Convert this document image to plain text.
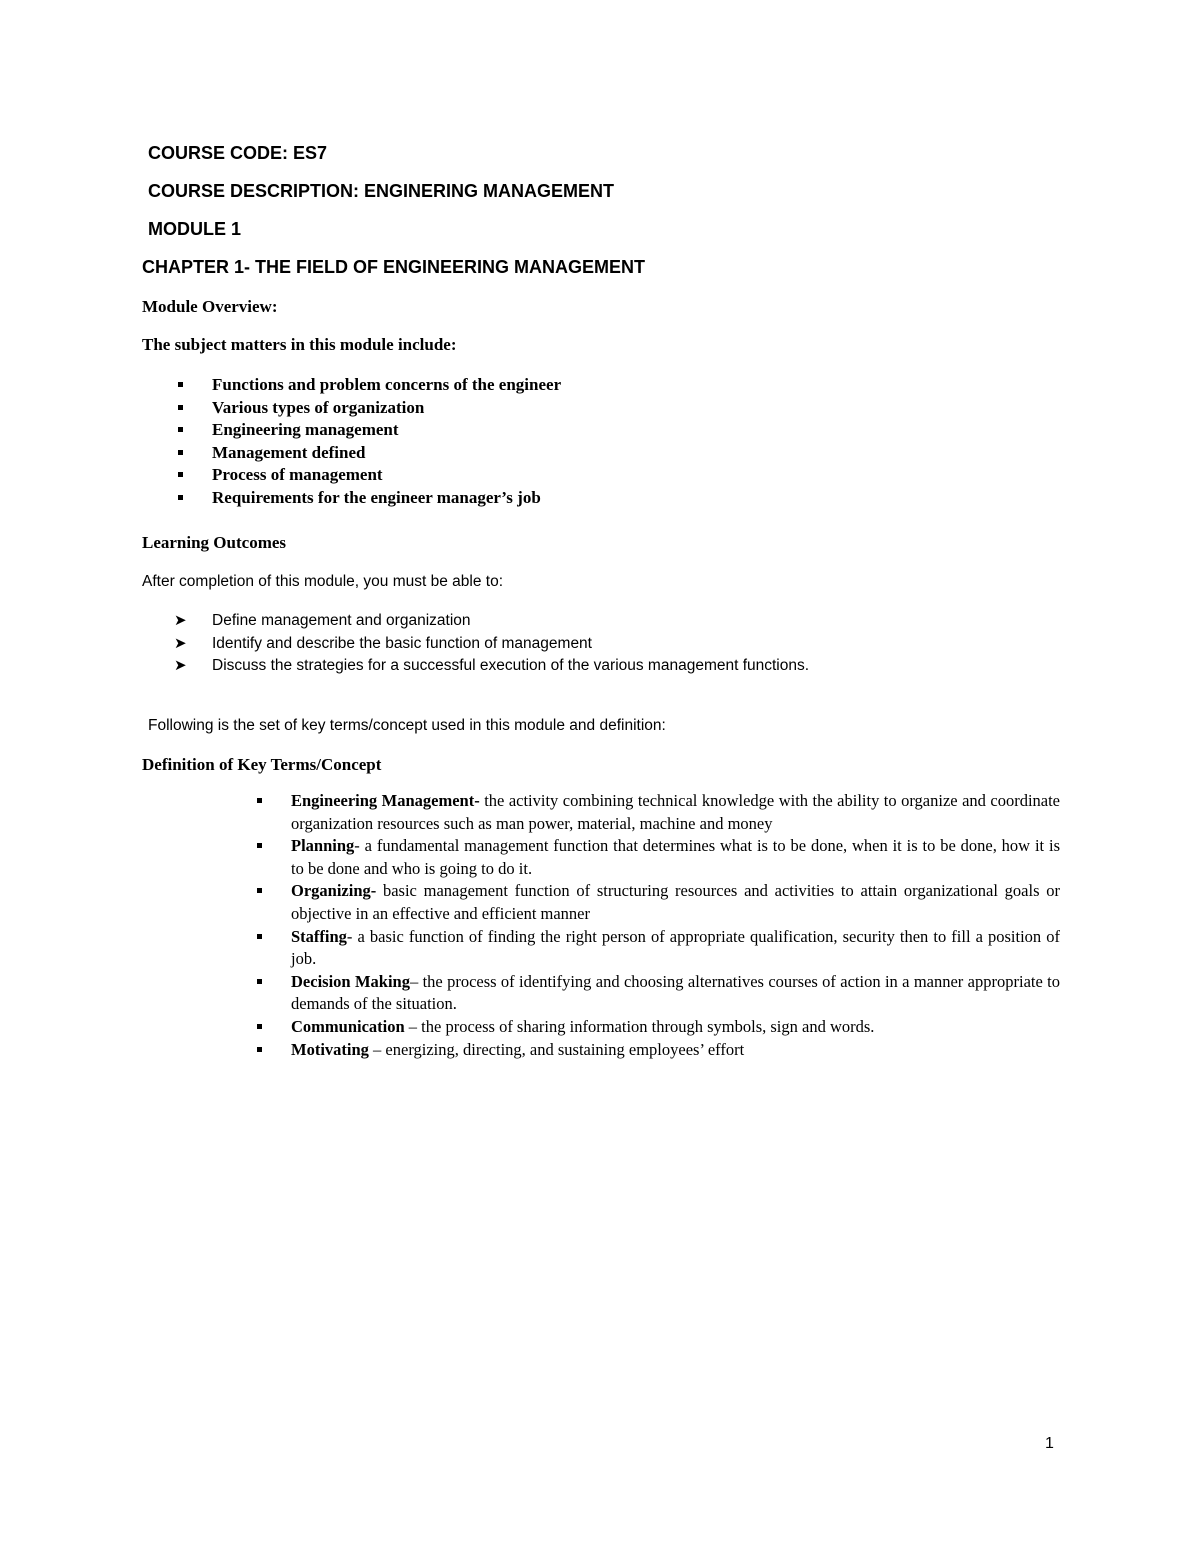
COURSE CODE: ES7
COURSE DESCRIPTION: ENGINERING MANAGEMENT
MODULE 1
CHAPTER 1- THE FIELD OF ENGINEERING MANAGEMENT
Module Overview:
The subject matters in this module include:
Functions and problem concerns of the engineer
Various types of organization
Engineering management
Management defined
Process of management
Requirements for the engineer manager’s job
Learning Outcomes
After completion of this module, you must be able to:
➤ Define management and organization
➤ Identify and describe the basic function of management
➤ Discuss the strategies for a successful execution of the various management functions.
Following is the set of key terms/concept used in this module and definition:
Definition of Key Terms/Concept
Engineering Management- the activity combining technical knowledge with the ability to organize and coordinate organization resources such as man power, material, machine and money
Planning- a fundamental management function that determines what is to be done, when it is to be done, how it is to be done and who is going to do it.
Organizing- basic management function of structuring resources and activities to attain organizational goals or objective in an effective and efficient manner
Staffing- a basic function of finding the right person of appropriate qualification, security then to fill a position of job.
Decision Making– the process of identifying and choosing alternatives courses of action in a manner appropriate to demands of the situation.
Communication – the process of sharing information through symbols, sign and words.
Motivating – energizing, directing, and sustaining employees’ effort
1
